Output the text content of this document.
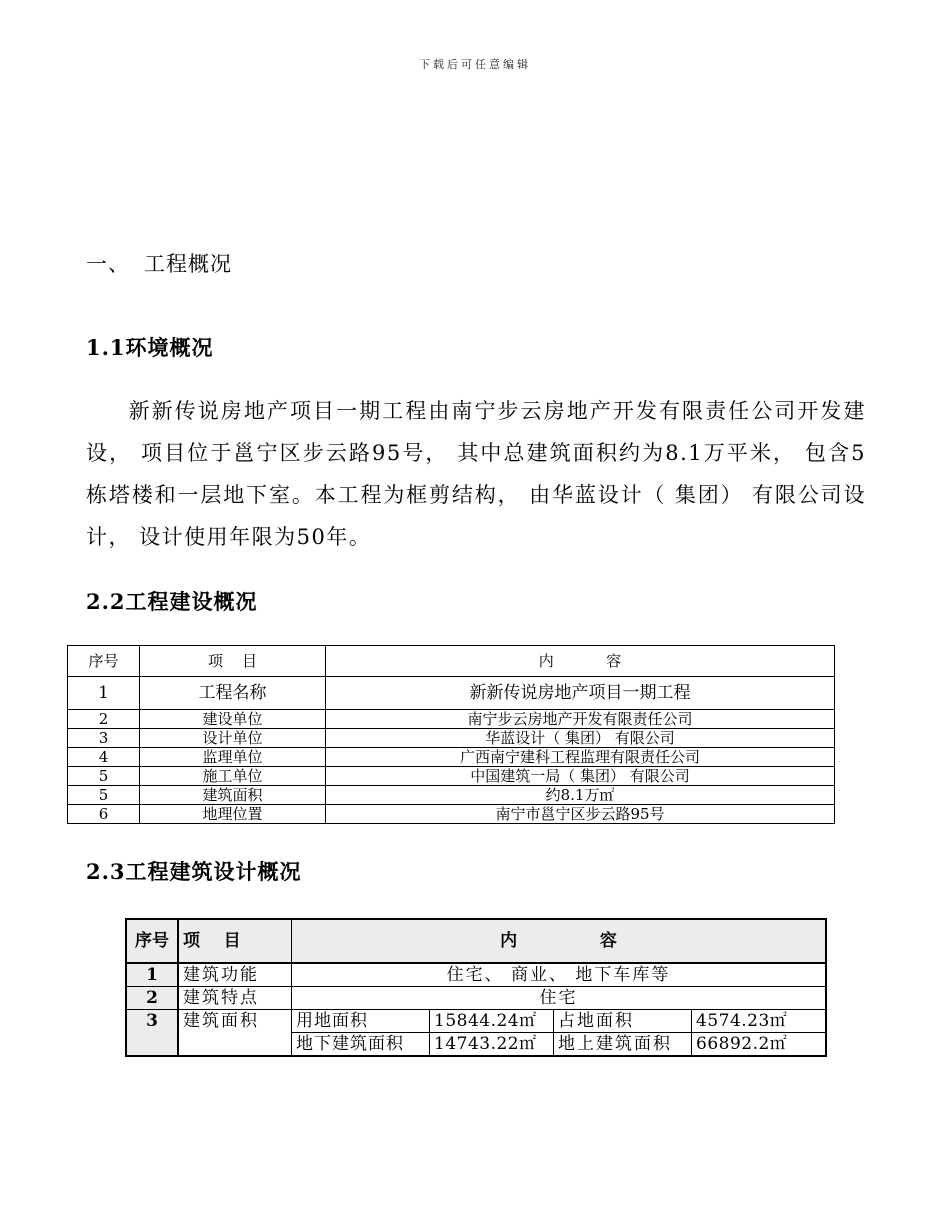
下载后可任意编辑
一、 工程概况
1.1环境概况
新新传说房地产项目一期工程由南宁步云房地产开发有限责任公司开发建设， 项目位于邕宁区步云路95号， 其中总建筑面积约为8.1万平米， 包含5栋塔楼和一层地下室。本工程为框剪结构， 由华蓝设计（ 集团） 有限公司设计， 设计使用年限为50年。
2.2工程建设概况
序号	项    目	内           容
1	工程名称	新新传说房地产项目一期工程
2	建设单位	南宁步云房地产开发有限责任公司
3	设计单位	华蓝设计（ 集团） 有限公司
4	监理单位	广西南宁建科工程监理有限责任公司
5	施工单位	中国建筑一局（ 集团） 有限公司
5	建筑面积	约8.1万㎡
6	地理位置	南宁市邕宁区步云路95号
2.3工程建筑设计概况
序号	项    目	内              容			
1	建筑功能	住宅、 商业、 地下车库等			
2	建筑特点	住宅			
3	建筑面积	用地面积	15844.24㎡	占地面积	4574.23㎡
		地下建筑面积	14743.22㎡	地上建筑面积	66892.2㎡
